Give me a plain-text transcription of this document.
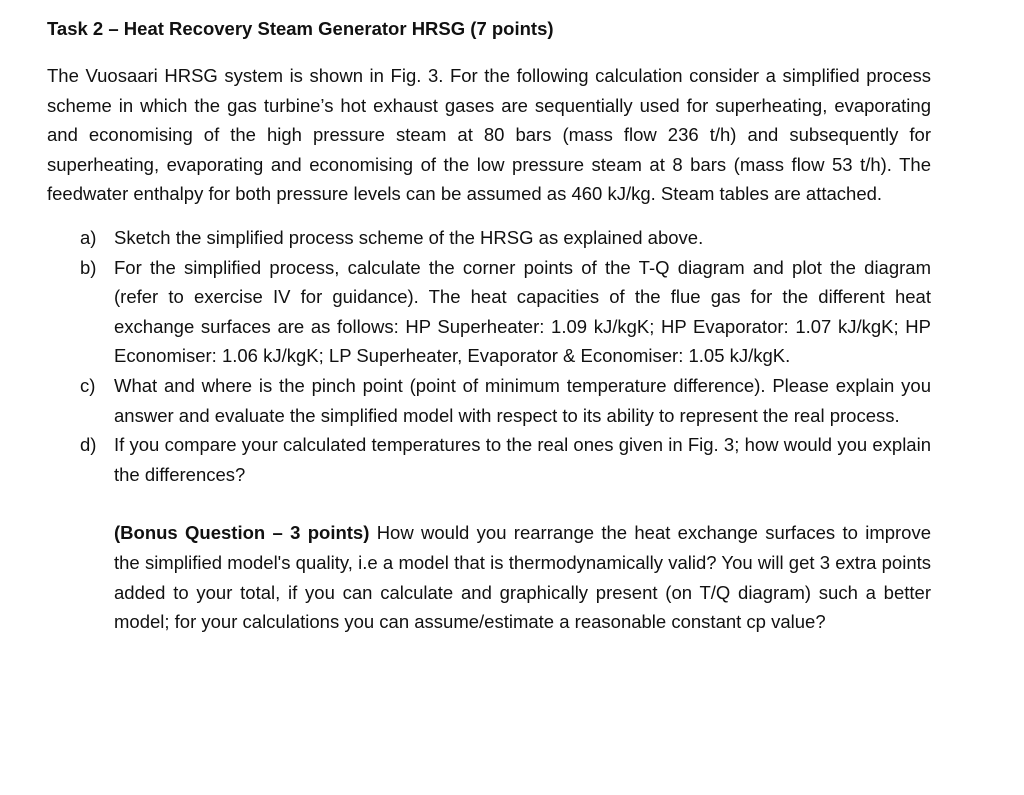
Task 2 – Heat Recovery Steam Generator HRSG (7 points)

The Vuosaari HRSG system is shown in Fig. 3. For the following calculation consider a simplified process scheme in which the gas turbine’s hot exhaust gases are sequentially used for superheating, evaporating and economising of the high pressure steam at 80 bars (mass flow 236 t/h) and subsequently for superheating, evaporating and economising of the low pressure steam at 8 bars (mass flow 53 t/h). The feedwater enthalpy for both pressure levels can be assumed as 460 kJ/kg. Steam tables are attached.

a) Sketch the simplified process scheme of the HRSG as explained above.
b) For the simplified process, calculate the corner points of the T-Q diagram and plot the diagram (refer to exercise IV for guidance). The heat capacities of the flue gas for the different heat exchange surfaces are as follows: HP Superheater: 1.09 kJ/kgK; HP Evaporator: 1.07 kJ/kgK; HP Economiser: 1.06 kJ/kgK; LP Superheater, Evaporator & Economiser: 1.05 kJ/kgK.
c) What and where is the pinch point (point of minimum temperature difference). Please explain you answer and evaluate the simplified model with respect to its ability to represent the real process.
d) If you compare your calculated temperatures to the real ones given in Fig. 3; how would you explain the differences?

(Bonus Question – 3 points) How would you rearrange the heat exchange surfaces to improve the simplified model's quality, i.e a model that is thermodynamically valid? You will get 3 extra points added to your total, if you can calculate and graphically present (on T/Q diagram) such a better model; for your calculations you can assume/estimate a reasonable constant cp value?
